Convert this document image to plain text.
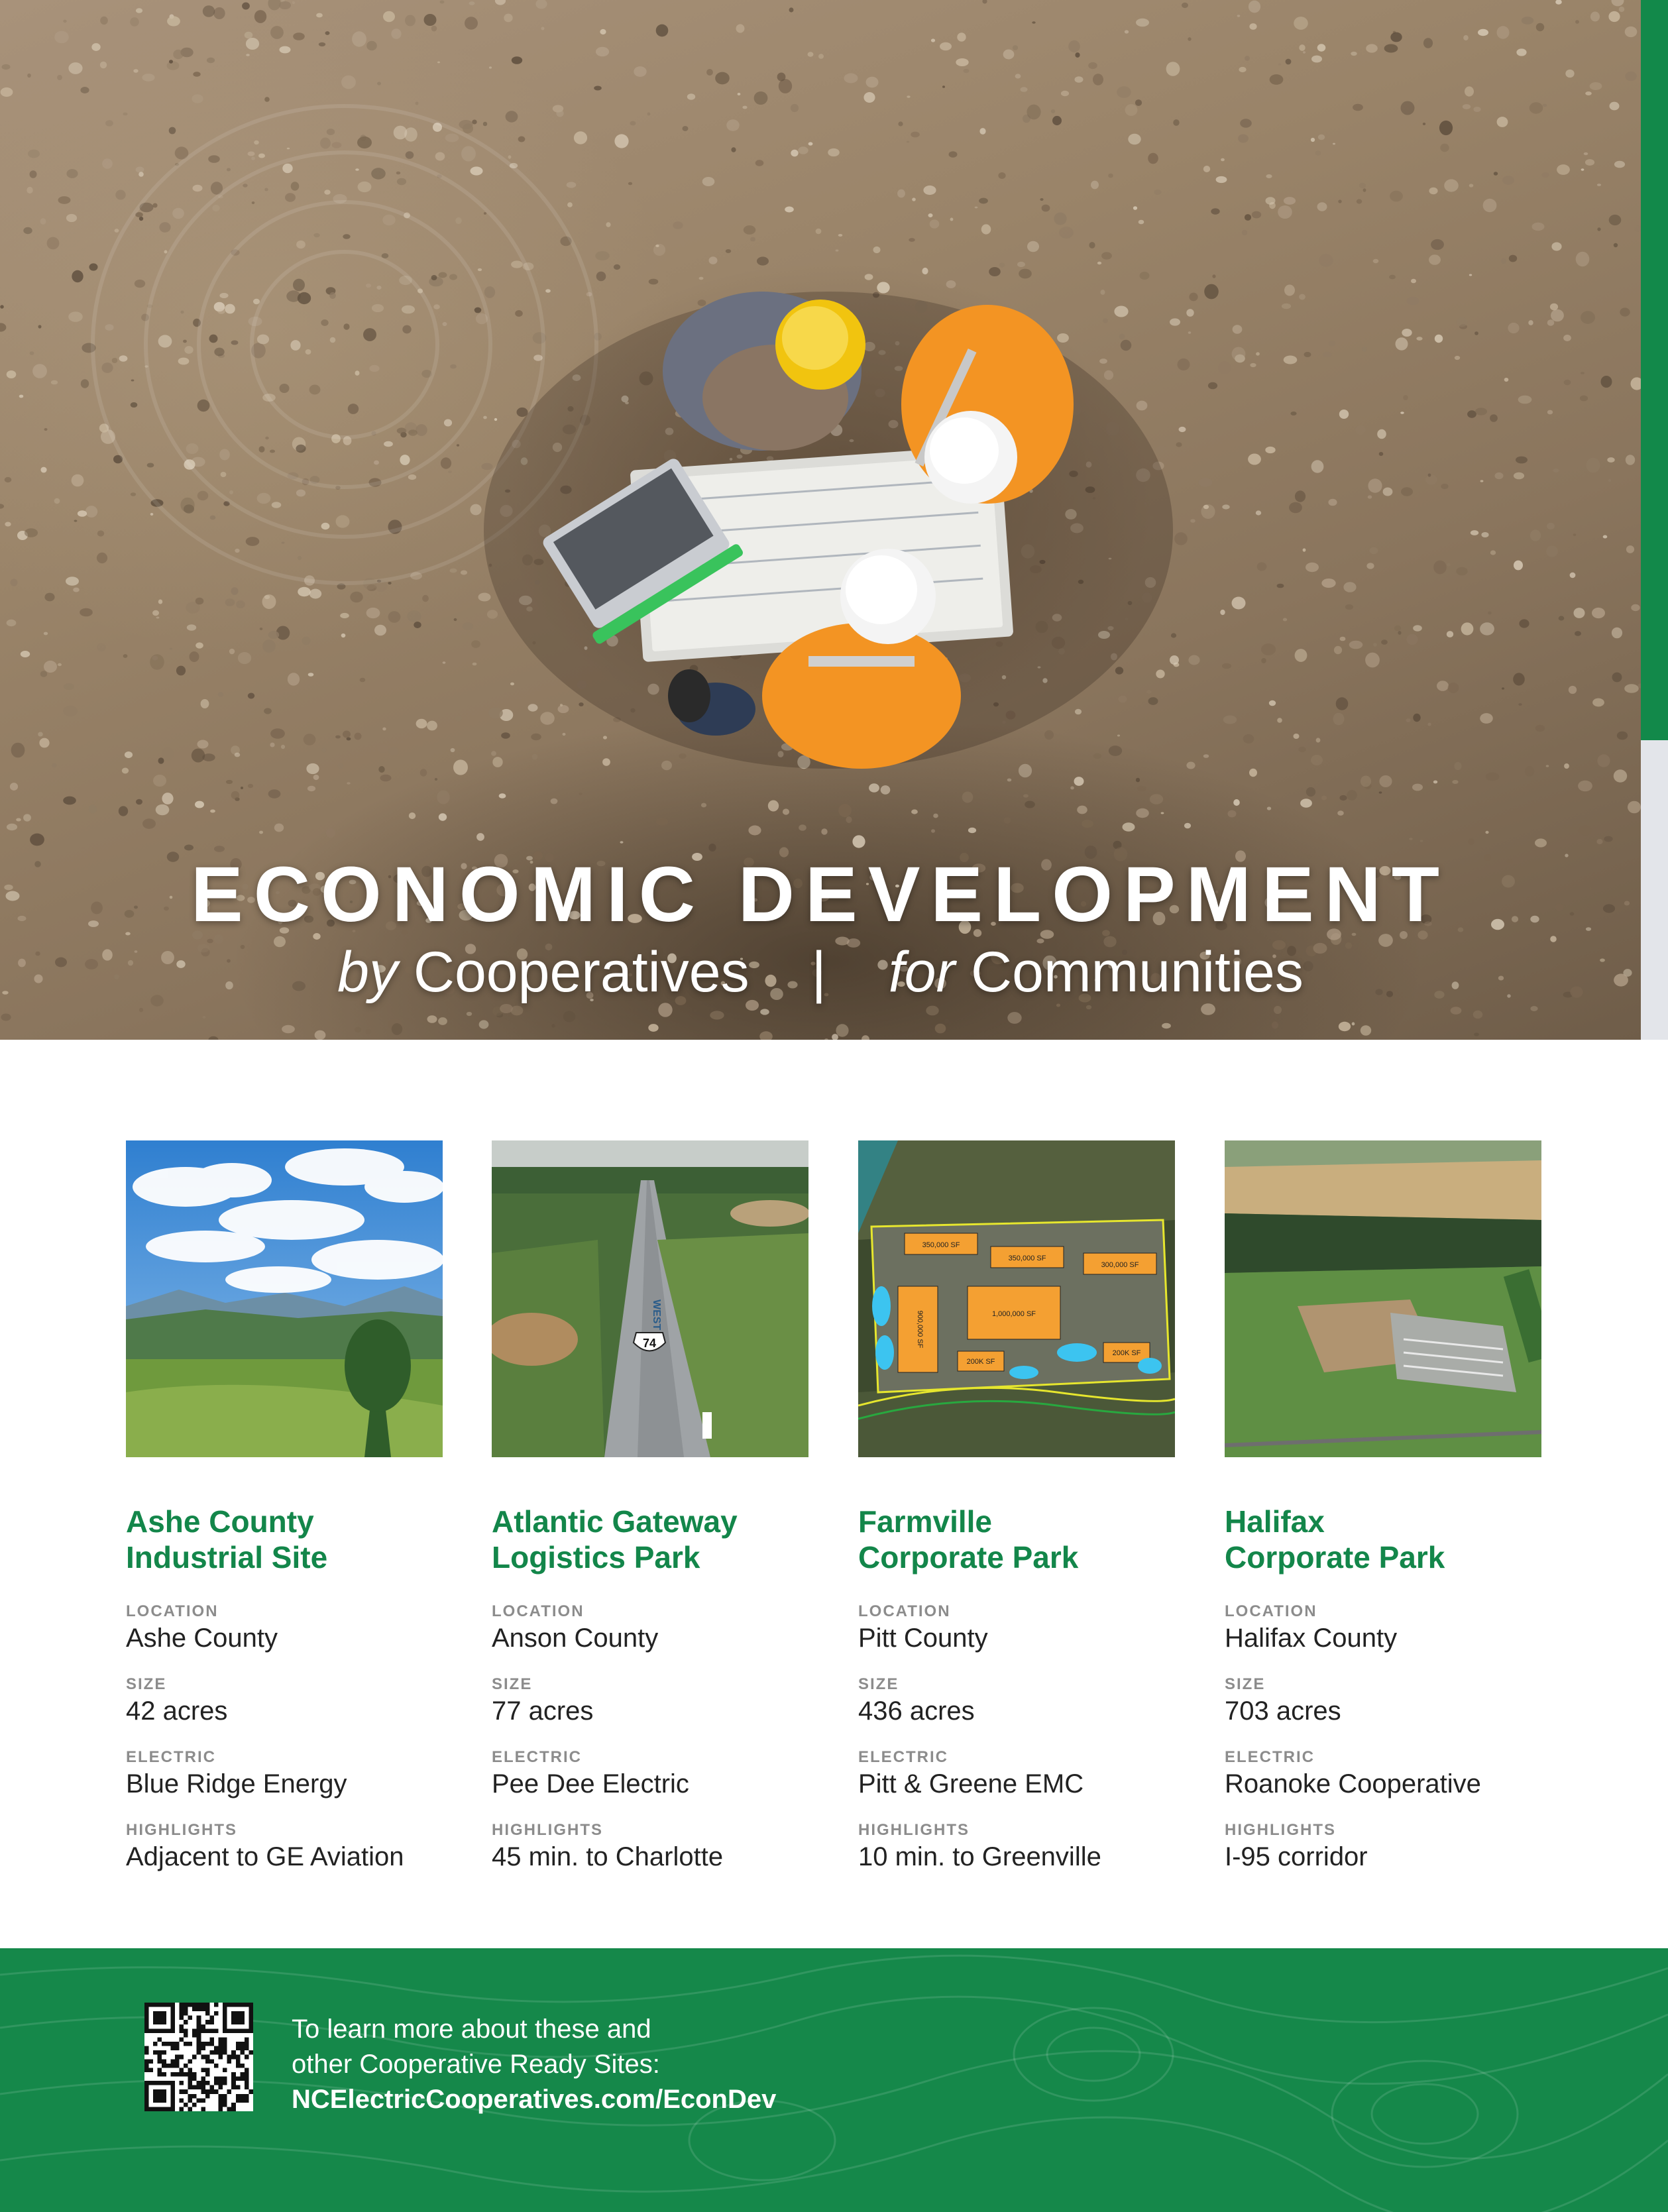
ECONOMIC DEVELOPMENT
by Cooperatives | for Communities
Ashe County
Industrial Site
LOCATION
Ashe County
SIZE
42 acres
ELECTRIC
Blue Ridge Energy
HIGHLIGHTS
Adjacent to GE Aviation
74
WEST
Atlantic Gateway
Logistics Park
LOCATION
Anson County
SIZE
77 acres
ELECTRIC
Pee Dee Electric
HIGHLIGHTS
45 min. to Charlotte
350,000 SF
350,000 SF
300,000 SF
900,000 SF	1,000,000 SF
200K SF
200K SF
Farmville
Corporate Park
LOCATION
Pitt County
SIZE
436 acres
ELECTRIC
Pitt & Greene EMC
HIGHLIGHTS
10 min. to Greenville
Halifax
Corporate Park
LOCATION
Halifax County
SIZE
703 acres
ELECTRIC
Roanoke Cooperative
HIGHLIGHTS
I-95 corridor
To learn more about these and
other Cooperative Ready Sites:
NCElectricCooperatives.com/EconDev
